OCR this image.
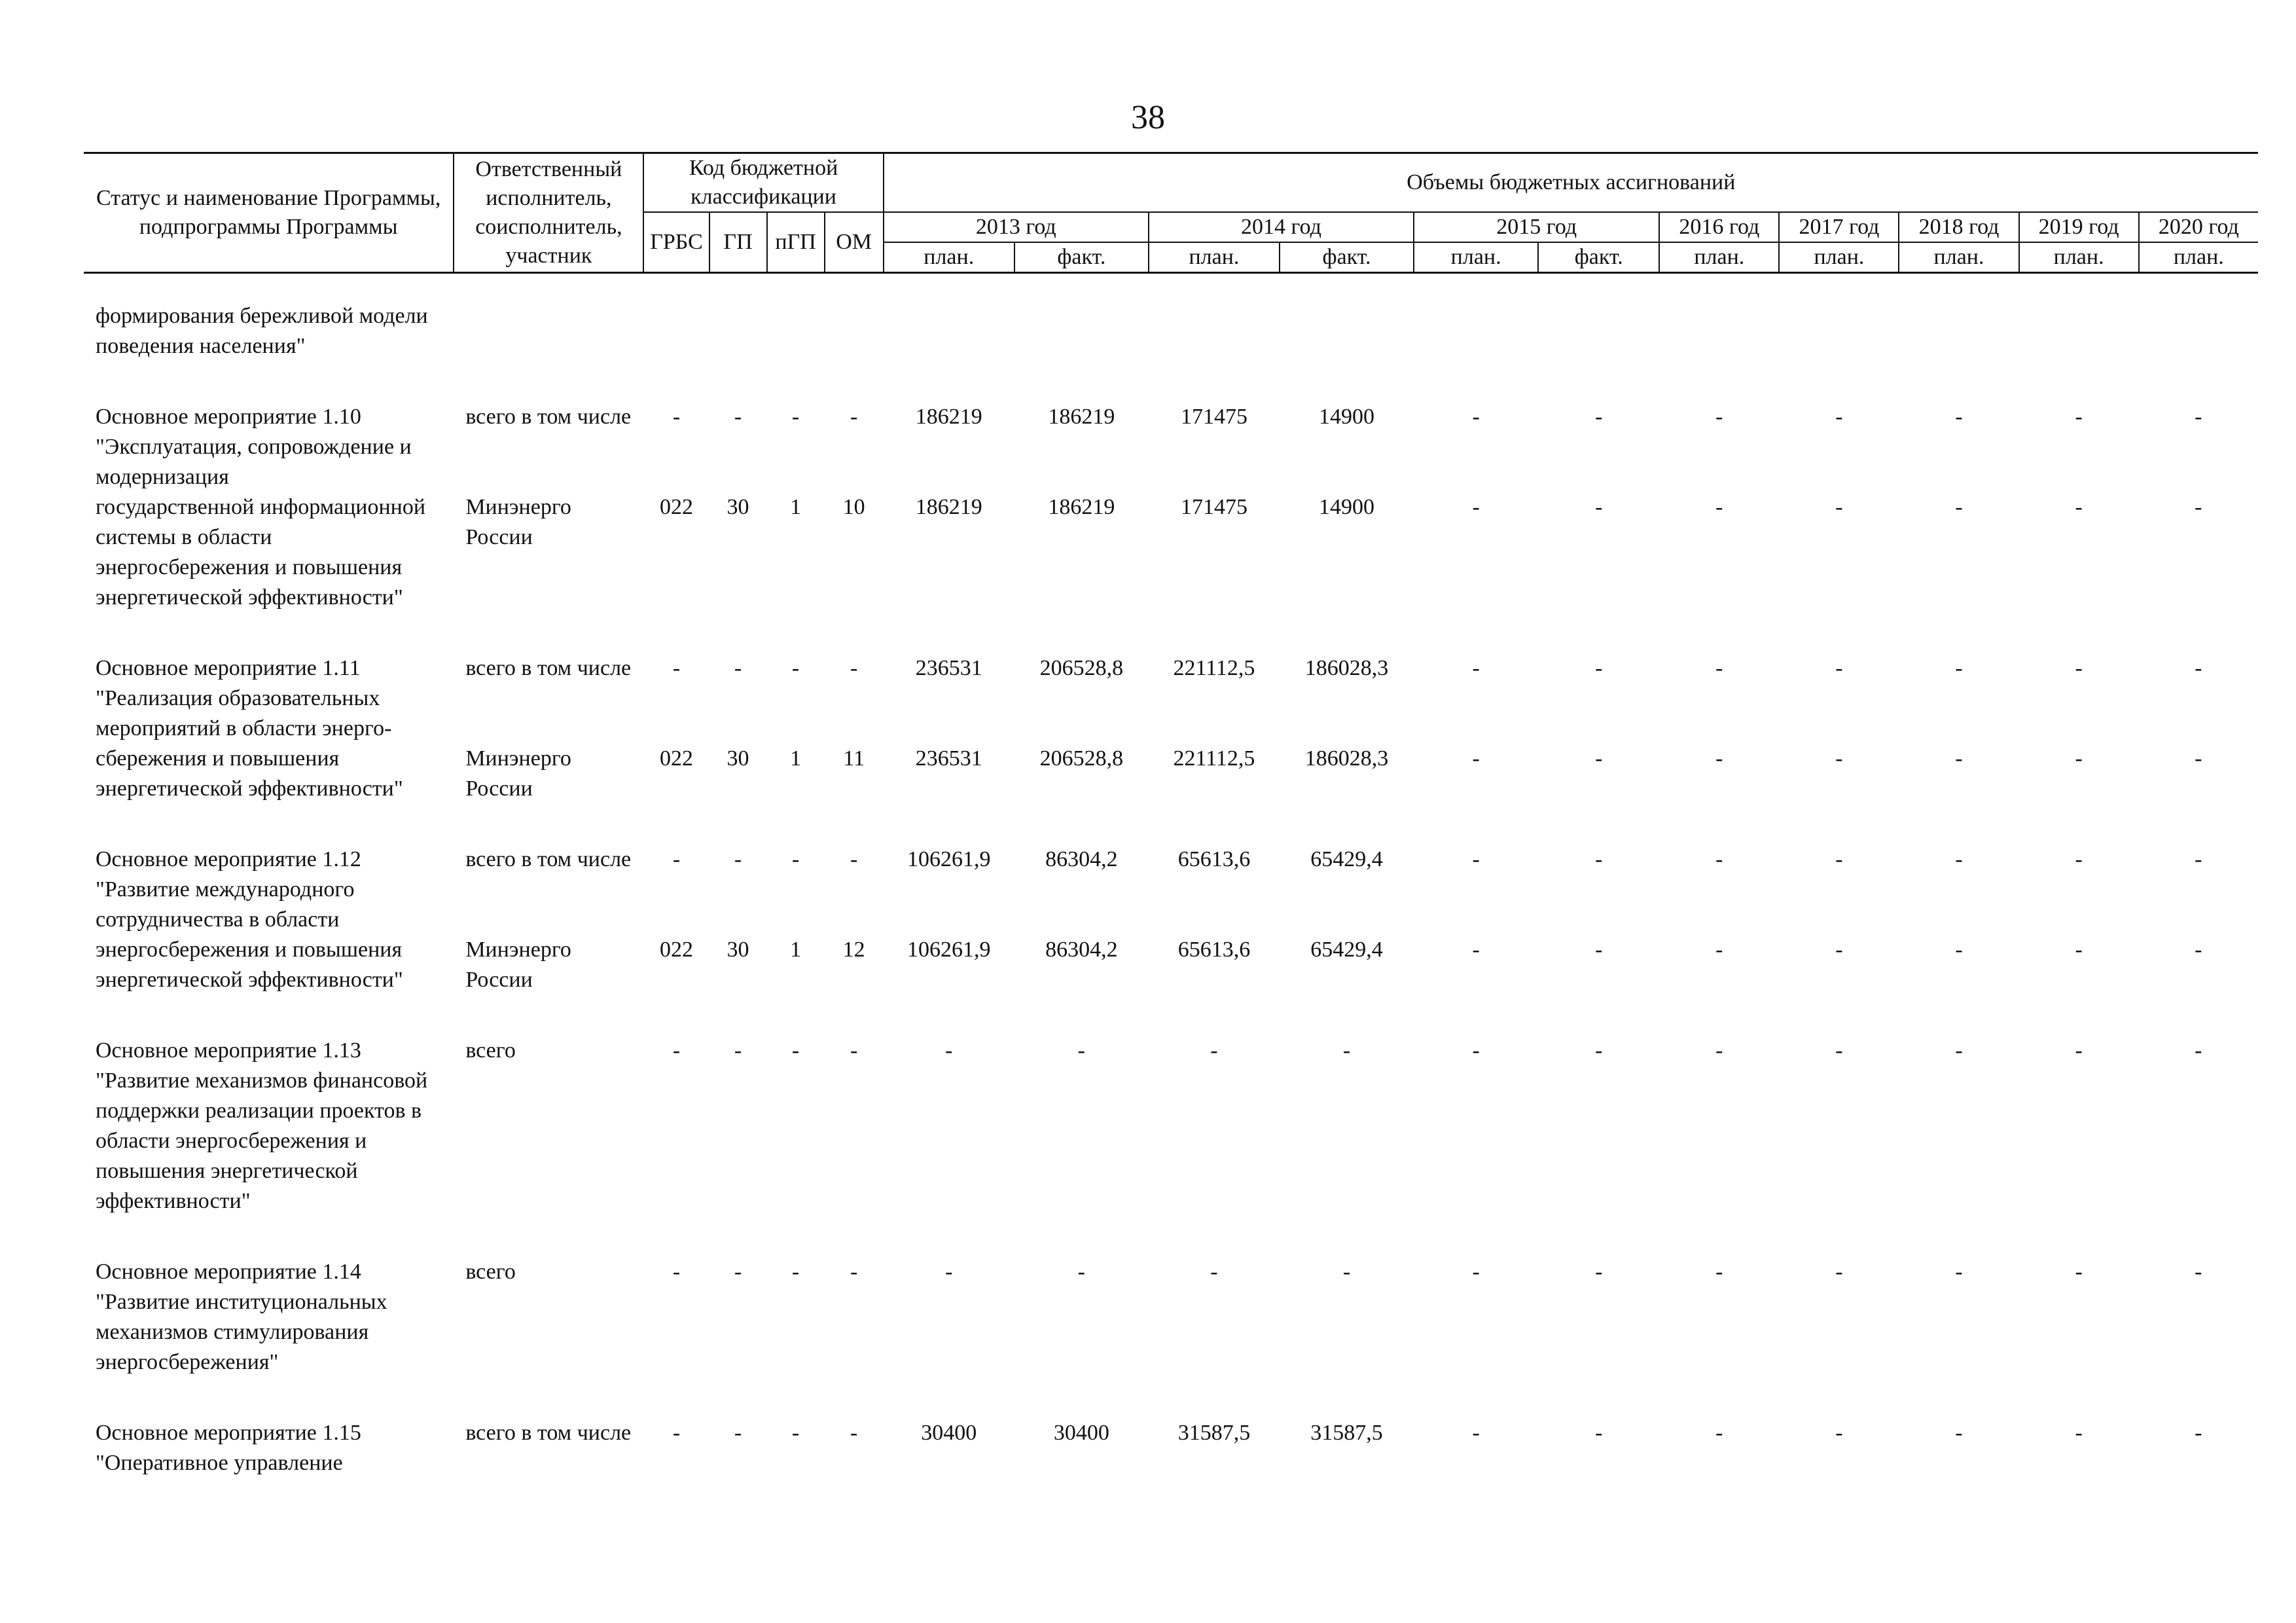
38
Статус и наименование Программы, подпрограммы Программы	Ответственный исполнитель, соисполнитель, участник	Код бюджетной классификации				Объемы бюджетных ассигнований										
		ГРБС	ГП	пГП	ОМ	2013 год		2014 год		2015 год		2016 год	2017 год	2018 год	2019 год	2020 год
						план.	факт.	план.	факт.	план.	факт.	план.	план.	план.	план.	план.
формирования бережливой модели поведения населения"																
Основное мероприятие 1.10 "Эксплуатация, сопровождение и модернизация	всего в том числе	-	-	-	-	186219	186219	171475	14900	-	-	-	-	-	-	-
государственной информационной системы в области энергосбережения и повышения энергетической эффективности"	Минэнерго России	022	30	1	10	186219	186219	171475	14900	-	-	-	-	-	-	-
Основное мероприятие 1.11 "Реализация образовательных мероприятий в области энерго-	всего в том числе	-	-	-	-	236531	206528,8	221112,5	186028,3	-	-	-	-	-	-	-
сбережения и повышения энергетической эффективности"	Минэнерго России	022	30	1	11	236531	206528,8	221112,5	186028,3	-	-	-	-	-	-	-
Основное мероприятие 1.12 "Развитие международного сотрудничества в области	всего в том числе	-	-	-	-	106261,9	86304,2	65613,6	65429,4	-	-	-	-	-	-	-
энергосбережения и повышения энергетической эффективности"	Минэнерго России	022	30	1	12	106261,9	86304,2	65613,6	65429,4	-	-	-	-	-	-	-
Основное мероприятие 1.13 "Развитие механизмов финансовой поддержки реализации проектов в области энергосбережения и повышения энергетической эффективности"	всего	-	-	-	-	-	-	-	-	-	-	-	-	-	-	-
Основное мероприятие 1.14 "Развитие институциональных механизмов стимулирования энергосбережения"	всего	-	-	-	-	-	-	-	-	-	-	-	-	-	-	-
Основное мероприятие 1.15 "Оперативное управление	всего в том числе	-	-	-	-	30400	30400	31587,5	31587,5	-	-	-	-	-	-	-
